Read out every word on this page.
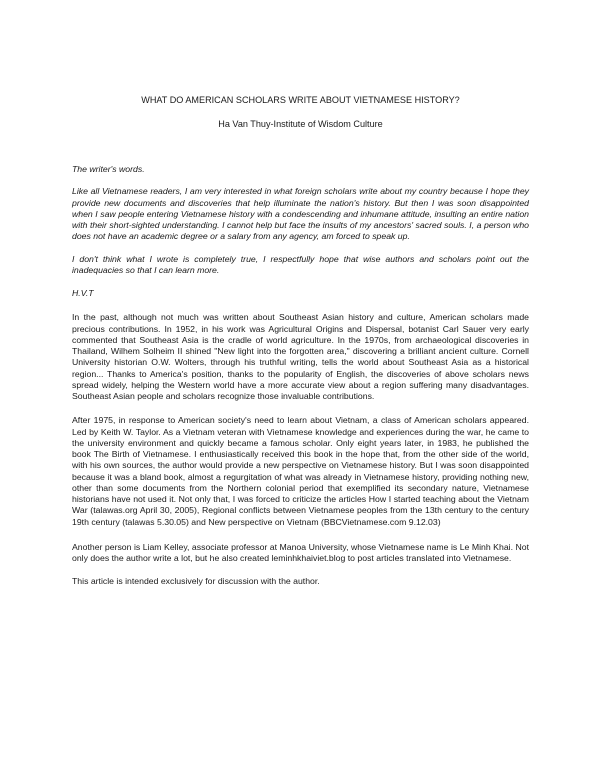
WHAT DO AMERICAN SCHOLARS WRITE ABOUT VIETNAMESE HISTORY?
Ha Van Thuy-Institute of Wisdom Culture

The writer's words.

Like all Vietnamese readers, I am very interested in what foreign scholars write about my country because I hope they provide new documents and discoveries that help illuminate the nation's history. But then I was soon disappointed when I saw people entering Vietnamese history with a condescending and inhumane attitude, insulting an entire nation with their short-sighted understanding. I cannot help but face the insults of my ancestors' sacred souls. I, a person who does not have an academic degree or a salary from any agency, am forced to speak up.

I don't think what I wrote is completely true, I respectfully hope that wise authors and scholars point out the inadequacies so that I can learn more.

H.V.T

In the past, although not much was written about Southeast Asian history and culture, American scholars made precious contributions. In 1952, in his work was Agricultural Origins and Dispersal, botanist Carl Sauer very early commented that Southeast Asia is the cradle of world agriculture. In the 1970s, from archaeological discoveries in Thailand, Wilhem Solheim II shined "New light into the forgotten area," discovering a brilliant ancient culture. Cornell University historian O.W. Wolters, through his truthful writing, tells the world about Southeast Asia as a historical region... Thanks to America's position, thanks to the popularity of English, the discoveries of above scholars news spread widely, helping the Western world have a more accurate view about a region suffering many disadvantages. Southeast Asian people and scholars recognize those invaluable contributions.

After 1975, in response to American society's need to learn about Vietnam, a class of American scholars appeared. Led by Keith W. Taylor. As a Vietnam veteran with Vietnamese knowledge and experiences during the war, he came to the university environment and quickly became a famous scholar. Only eight years later, in 1983, he published the book The Birth of Vietnamese. I enthusiastically received this book in the hope that, from the other side of the world, with his own sources, the author would provide a new perspective on Vietnamese history. But I was soon disappointed because it was a bland book, almost a regurgitation of what was already in Vietnamese history, providing nothing new, other than some documents from the Northern colonial period that exemplified its secondary nature, Vietnamese historians have not used it. Not only that, I was forced to criticize the articles How I started teaching about the Vietnam War (talawas.org April 30, 2005), Regional conflicts between Vietnamese peoples from the 13th century to the century 19th century (talawas 5.30.05) and New perspective on Vietnam (BBCVietnamese.com 9.12.03)

Another person is Liam Kelley, associate professor at Manoa University, whose Vietnamese name is Le Minh Khai. Not only does the author write a lot, but he also created leminhkhaiviet.blog to post articles translated into Vietnamese.

This article is intended exclusively for discussion with the author.
